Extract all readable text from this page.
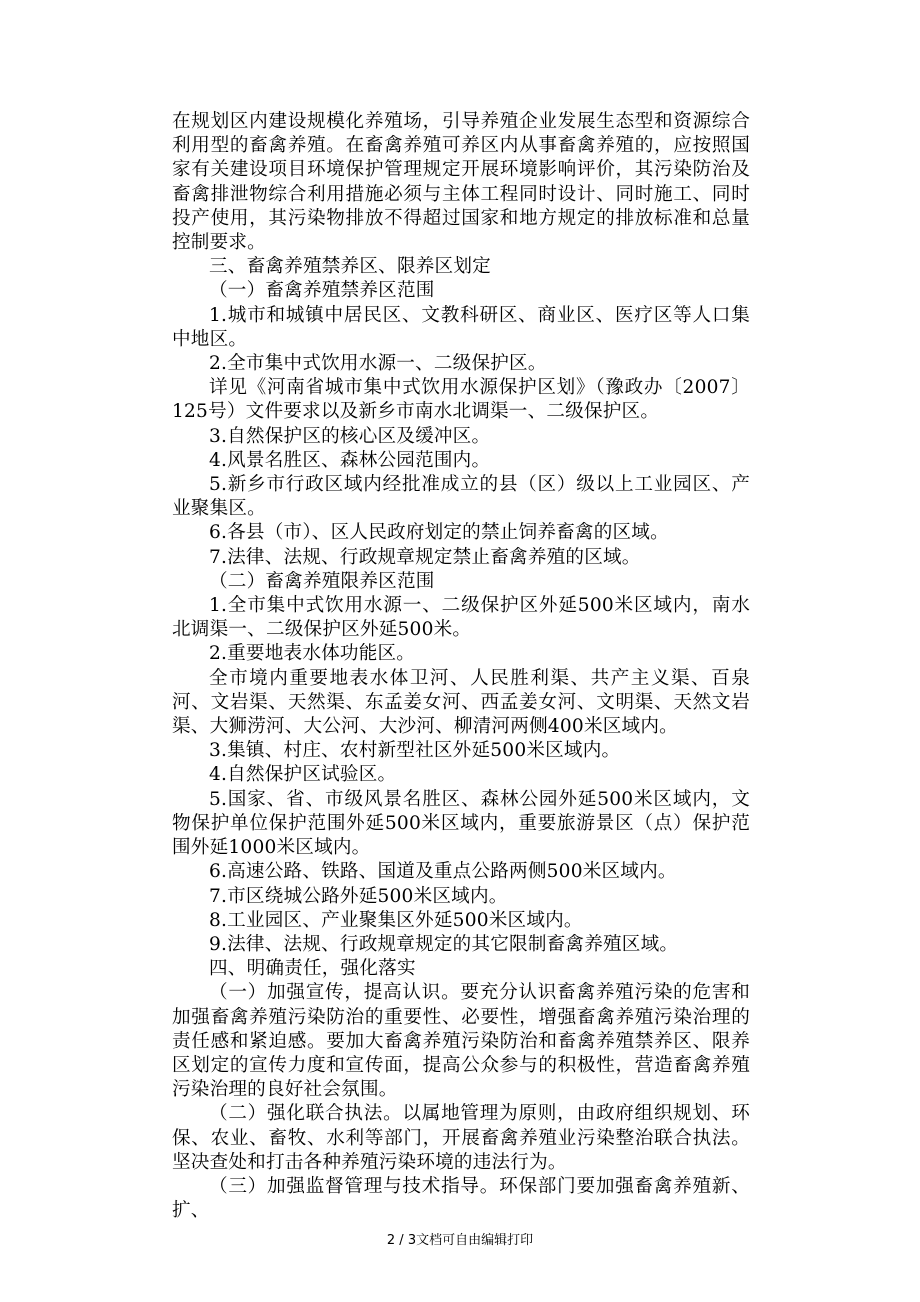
在规划区内建设规模化养殖场，引导养殖企业发展生态型和资源综合利用型的畜禽养殖。在畜禽养殖可养区内从事畜禽养殖的，应按照国家有关建设项目环境保护管理规定开展环境影响评价，其污染防治及畜禽排泄物综合利用措施必须与主体工程同时设计、同时施工、同时投产使用，其污染物排放不得超过国家和地方规定的排放标准和总量控制要求。

三、畜禽养殖禁养区、限养区划定

（一）畜禽养殖禁养区范围

1.城市和城镇中居民区、文教科研区、商业区、医疗区等人口集中地区。

2.全市集中式饮用水源一、二级保护区。

详见《河南省城市集中式饮用水源保护区划》（豫政办〔2007〕125号）文件要求以及新乡市南水北调渠一、二级保护区。

3.自然保护区的核心区及缓冲区。

4.风景名胜区、森林公园范围内。

5.新乡市行政区域内经批准成立的县（区）级以上工业园区、产业聚集区。

6.各县（市）、区人民政府划定的禁止饲养畜禽的区域。

7.法律、法规、行政规章规定禁止畜禽养殖的区域。

（二）畜禽养殖限养区范围

1.全市集中式饮用水源一、二级保护区外延500米区域内，南水北调渠一、二级保护区外延500米。

2.重要地表水体功能区。

全市境内重要地表水体卫河、人民胜利渠、共产主义渠、百泉河、文岩渠、天然渠、东孟姜女河、西孟姜女河、文明渠、天然文岩渠、大狮涝河、大公河、大沙河、柳清河两侧400米区域内。

3.集镇、村庄、农村新型社区外延500米区域内。

4.自然保护区试验区。

5.国家、省、市级风景名胜区、森林公园外延500米区域内，文物保护单位保护范围外延500米区域内，重要旅游景区（点）保护范围外延1000米区域内。

6.高速公路、铁路、国道及重点公路两侧500米区域内。

7.市区绕城公路外延500米区域内。

8.工业园区、产业聚集区外延500米区域内。

9.法律、法规、行政规章规定的其它限制畜禽养殖区域。

四、明确责任，强化落实

（一）加强宣传，提高认识。要充分认识畜禽养殖污染的危害和加强畜禽养殖污染防治的重要性、必要性，增强畜禽养殖污染治理的责任感和紧迫感。要加大畜禽养殖污染防治和畜禽养殖禁养区、限养区划定的宣传力度和宣传面，提高公众参与的积极性，营造畜禽养殖污染治理的良好社会氛围。

（二）强化联合执法。以属地管理为原则，由政府组织规划、环保、农业、畜牧、水利等部门，开展畜禽养殖业污染整治联合执法。坚决查处和打击各种养殖污染环境的违法行为。

（三）加强监督管理与技术指导。环保部门要加强畜禽养殖新、扩、

2 / 3文档可自由编辑打印
